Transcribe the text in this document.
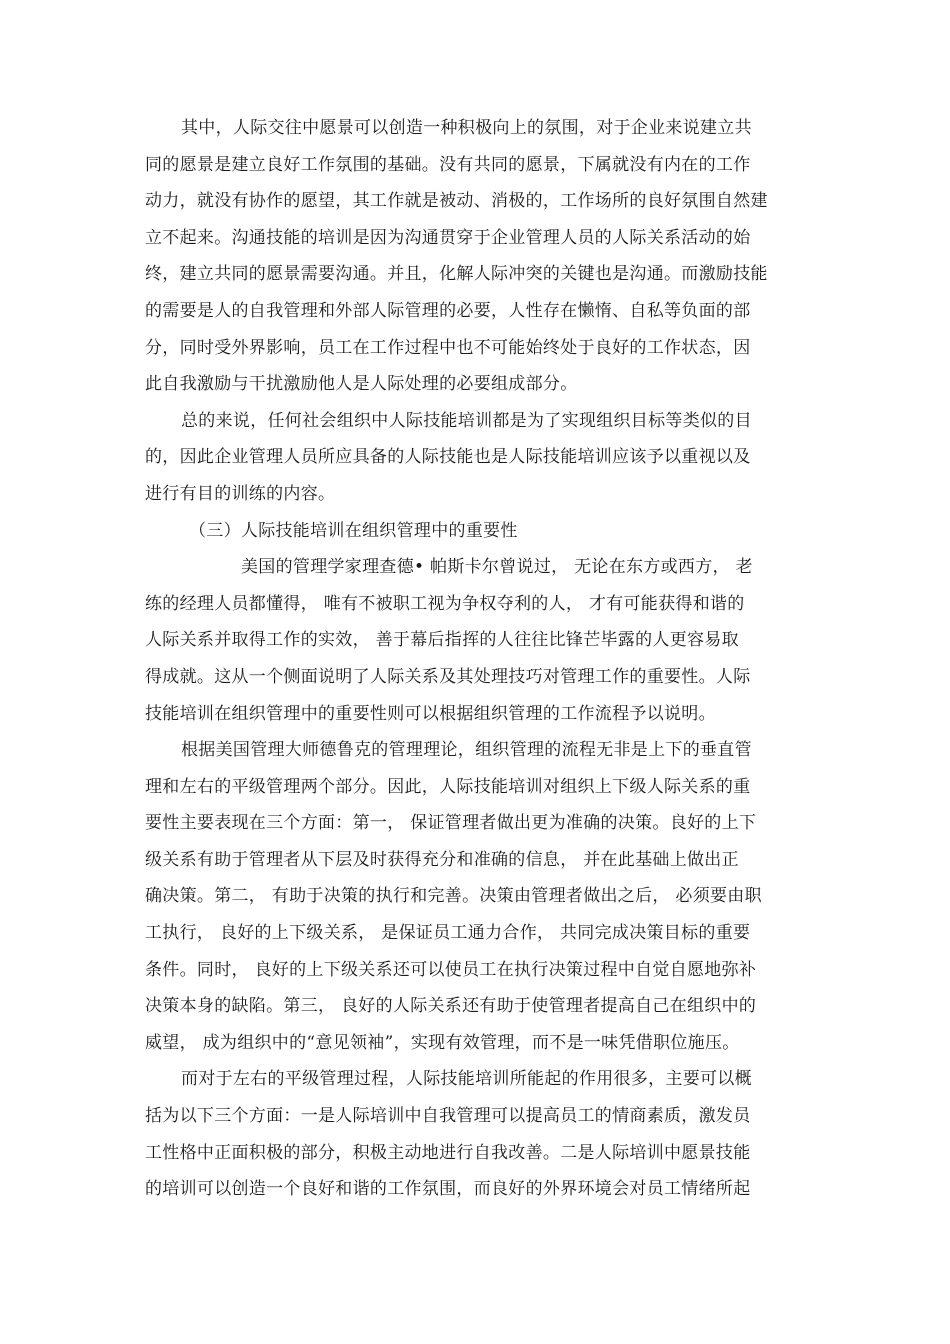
其中，人际交往中愿景可以创造一种积极向上的氛围，对于企业来说建立共
同的愿景是建立良好工作氛围的基础。没有共同的愿景，下属就没有内在的工作
动力，就没有协作的愿望，其工作就是被动、消极的，工作场所的良好氛围自然建
立不起来。沟通技能的培训是因为沟通贯穿于企业管理人员的人际关系活动的始
终，建立共同的愿景需要沟通。并且，化解人际冲突的关键也是沟通。而激励技能
的需要是人的自我管理和外部人际管理的必要，人性存在懒惰、自私等负面的部
分，同时受外界影响，员工在工作过程中也不可能始终处于良好的工作状态，因
此自我激励与干扰激励他人是人际处理的必要组成部分。
总的来说，任何社会组织中人际技能培训都是为了实现组织目标等类似的目
的，因此企业管理人员所应具备的人际技能也是人际技能培训应该予以重视以及
进行有目的训练的内容。
（三）人际技能培训在组织管理中的重要性
美国的管理学家理查德• 帕斯卡尔曾说过， 无论在东方或西方， 老
练的经理人员都懂得， 唯有不被职工视为争权夺利的人， 才有可能获得和谐的
人际关系并取得工作的实效， 善于幕后指挥的人往往比锋芒毕露的人更容易取
得成就。这从一个侧面说明了人际关系及其处理技巧对管理工作的重要性。人际
技能培训在组织管理中的重要性则可以根据组织管理的工作流程予以说明。
根据美国管理大师德鲁克的管理理论，组织管理的流程无非是上下的垂直管
理和左右的平级管理两个部分。因此，人际技能培训对组织上下级人际关系的重
要性主要表现在三个方面：第一， 保证管理者做出更为准确的决策。良好的上下
级关系有助于管理者从下层及时获得充分和准确的信息， 并在此基础上做出正
确决策。第二， 有助于决策的执行和完善。决策由管理者做出之后， 必须要由职
工执行， 良好的上下级关系， 是保证员工通力合作， 共同完成决策目标的重要
条件。同时， 良好的上下级关系还可以使员工在执行决策过程中自觉自愿地弥补
决策本身的缺陷。第三， 良好的人际关系还有助于使管理者提高自己在组织中的
威望， 成为组织中的“意见领袖”，实现有效管理，而不是一味凭借职位施压。
而对于左右的平级管理过程，人际技能培训所能起的作用很多，主要可以概
括为以下三个方面：一是人际培训中自我管理可以提高员工的情商素质，激发员
工性格中正面积极的部分，积极主动地进行自我改善。二是人际培训中愿景技能
的培训可以创造一个良好和谐的工作氛围，而良好的外界环境会对员工情绪所起
